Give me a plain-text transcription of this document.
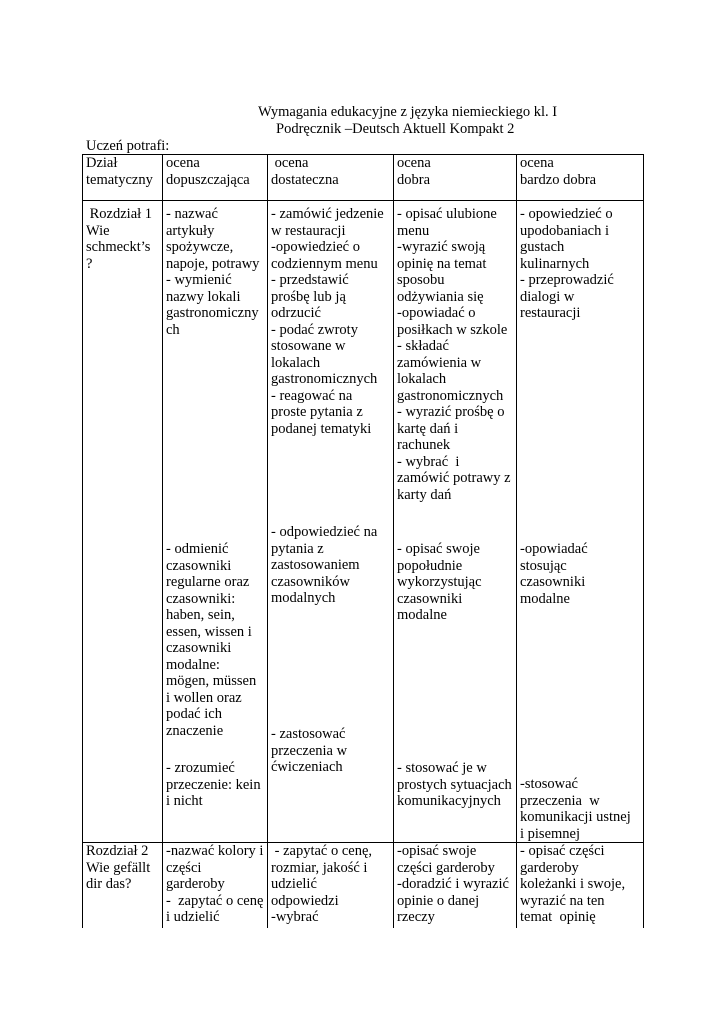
Wymagania edukacyjne z języka niemieckiego kl. I
Podręcznik –Deutsch Aktuell Kompakt 2
Uczeń potrafi:
Dział
tematyczny
ocena
dopuszczająca
ocena
dostateczna
ocena
dobra
ocena
bardzo dobra
Rozdział 1
Wie
schmeckt’s
?
- nazwać
artykuły
spożywcze,
napoje, potrawy
- wymienić
nazwy lokali
gastronomiczny
ch
- odmienić
czasowniki
regularne oraz
czasowniki:
haben, sein,
essen, wissen i
czasowniki
modalne:
mögen, müssen
i wollen oraz
podać ich
znaczenie
- zrozumieć
przeczenie: kein
i nicht
- zamówić jedzenie
w restauracji
-opowiedzieć o
codziennym menu
- przedstawić
prośbę lub ją
odrzucić
- podać zwroty
stosowane w
lokalach
gastronomicznych
- reagować na
proste pytania z
podanej tematyki
- odpowiedzieć na
pytania z
zastosowaniem
czasowników
modalnych
- zastosować
przeczenia w
ćwiczeniach
- opisać ulubione
menu
-wyrazić swoją
opinię na temat
sposobu
odżywiania się
-opowiadać o
posiłkach w szkole
- składać
zamówienia w
lokalach
gastronomicznych
- wyrazić prośbę o
kartę dań i
rachunek
- wybrać  i
zamówić potrawy z
karty dań
- opisać swoje
popołudnie
wykorzystując
czasowniki
modalne
- stosować je w
prostych sytuacjach
komunikacyjnych
- opowiedzieć o
upodobaniach i
gustach
kulinarnych
- przeprowadzić
dialogi w
restauracji
-opowiadać
stosując
czasowniki
modalne
-stosować
przeczenia  w
komunikacji ustnej
i pisemnej
Rozdział 2
Wie gefällt
dir das?
-nazwać kolory i
części
garderoby
-  zapytać o cenę
i udzielić
- zapytać o cenę,
rozmiar, jakość i
udzielić
odpowiedzi
-wybrać
-opisać swoje
części garderoby
-doradzić i wyrazić
opinie o danej
rzeczy
- opisać części
garderoby
koleżanki i swoje,
wyrazić na ten
temat  opinię
